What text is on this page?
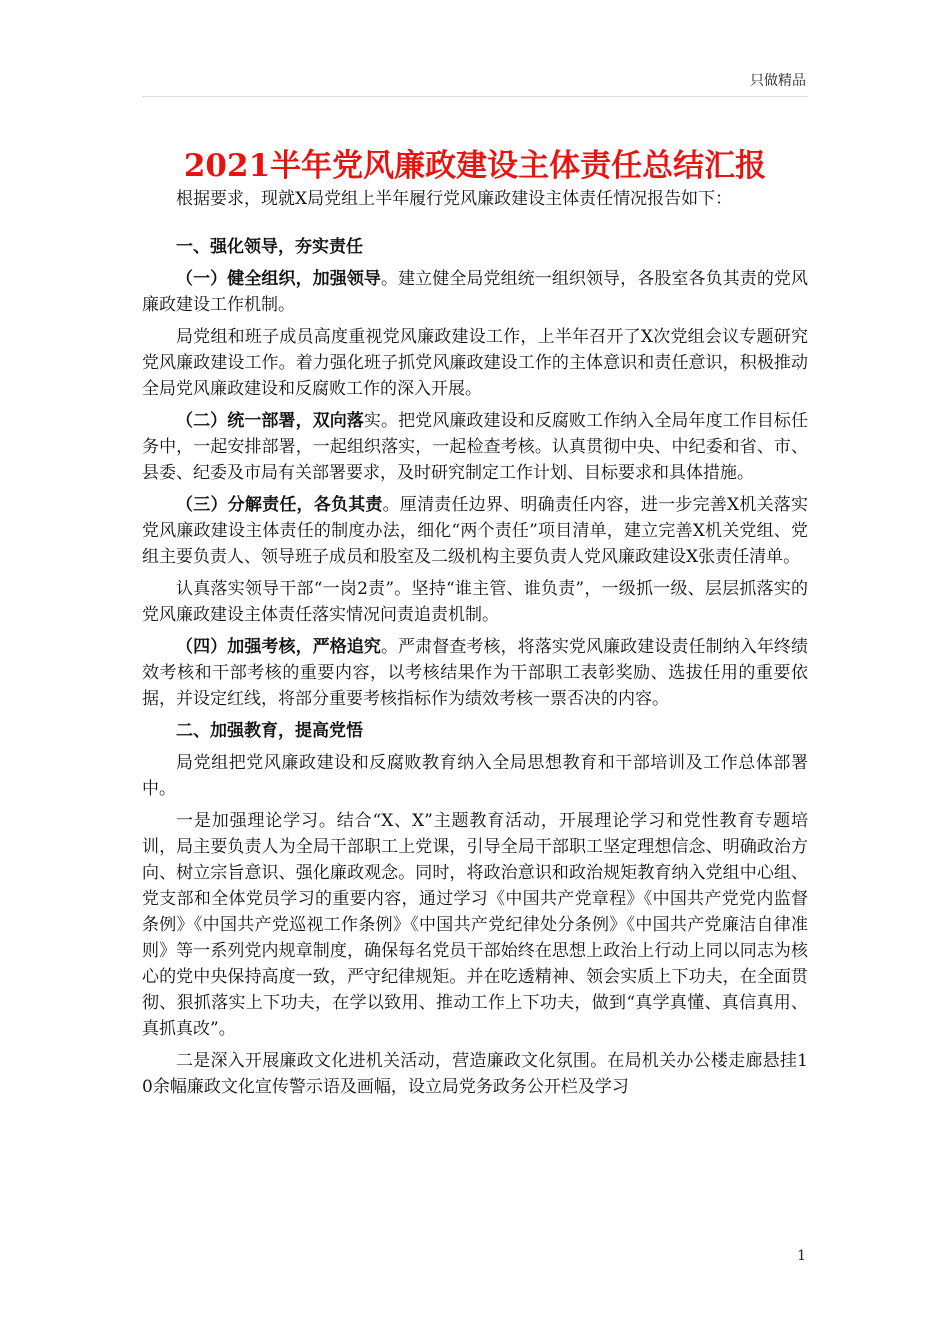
只做精品
2021半年党风廉政建设主体责任总结汇报

根据要求，现就X局党组上半年履行党风廉政建设主体责任情况报告如下：

一、强化领导，夯实责任

（一）健全组织，加强领导。建立健全局党组统一组织领导，各股室各负其责的党风廉政建设工作机制。

局党组和班子成员高度重视党风廉政建设工作，上半年召开了X次党组会议专题研究党风廉政建设工作。着力强化班子抓党风廉政建设工作的主体意识和责任意识，积极推动全局党风廉政建设和反腐败工作的深入开展。

（二）统一部署，双向落实。把党风廉政建设和反腐败工作纳入全局年度工作目标任务中，一起安排部署，一起组织落实，一起检查考核。认真贯彻中央、中纪委和省、市、县委、纪委及市局有关部署要求，及时研究制定工作计划、目标要求和具体措施。

（三）分解责任，各负其责。厘清责任边界、明确责任内容，进一步完善X机关落实党风廉政建设主体责任的制度办法，细化“两个责任”项目清单，建立完善X机关党组、党组主要负责人、领导班子成员和股室及二级机构主要负责人党风廉政建设X张责任清单。

认真落实领导干部“一岗2责”。坚持“谁主管、谁负责”，一级抓一级、层层抓落实的党风廉政建设主体责任落实情况问责追责机制。

（四）加强考核，严格追究。严肃督查考核，将落实党风廉政建设责任制纳入年终绩效考核和干部考核的重要内容，以考核结果作为干部职工表彰奖励、选拔任用的重要依据，并设定红线，将部分重要考核指标作为绩效考核一票否决的内容。

二、加强教育，提高党悟

局党组把党风廉政建设和反腐败教育纳入全局思想教育和干部培训及工作总体部署中。

一是加强理论学习。结合“X、X”主题教育活动，开展理论学习和党性教育专题培训，局主要负责人为全局干部职工上党课，引导全局干部职工坚定理想信念、明确政治方向、树立宗旨意识、强化廉政观念。同时，将政治意识和政治规矩教育纳入党组中心组、党支部和全体党员学习的重要内容，通过学习《中国共产党章程》《中国共产党党内监督条例》《中国共产党巡视工作条例》《中国共产党纪律处分条例》《中国共产党廉洁自律准则》等一系列党内规章制度，确保每名党员干部始终在思想上政治上行动上同以同志为核心的党中央保持高度一致，严守纪律规矩。并在吃透精神、领会实质上下功夫，在全面贯彻、狠抓落实上下功夫，在学以致用、推动工作上下功夫，做到“真学真懂、真信真用、真抓真改”。

二是深入开展廉政文化进机关活动，营造廉政文化氛围。在局机关办公楼走廊悬挂10余幅廉政文化宣传警示语及画幅，设立局党务政务公开栏及学习

1
